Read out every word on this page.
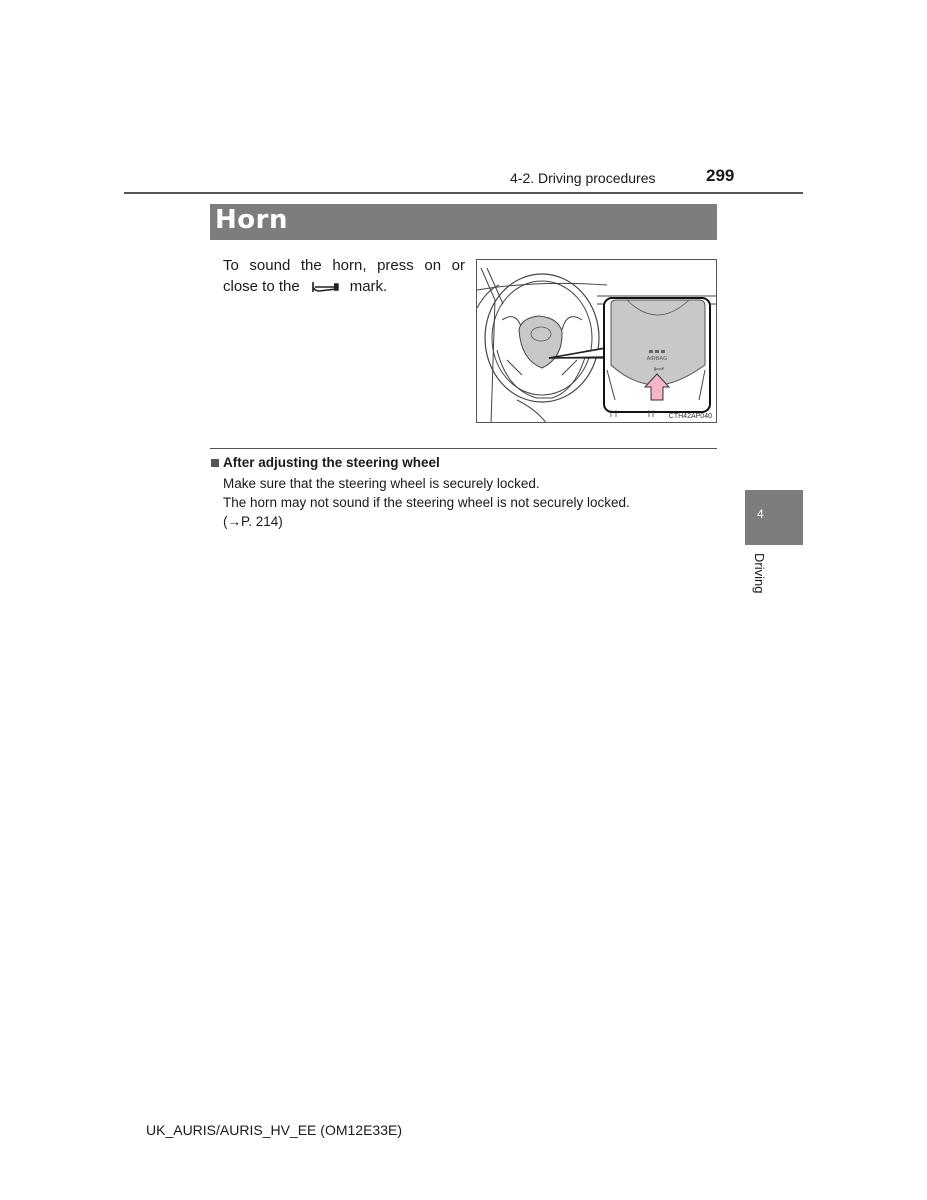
4-2. Driving procedures	299
Horn
To sound the horn, press on or
close to the	mark.
AIRBAG
CTH42AP040
After adjusting the steering wheel
Make sure that the steering wheel is securely locked.
The horn may not sound if the steering wheel is not securely locked.
(→P. 214)	4
Driving
UK_AURIS/AURIS_HV_EE (OM12E33E)
